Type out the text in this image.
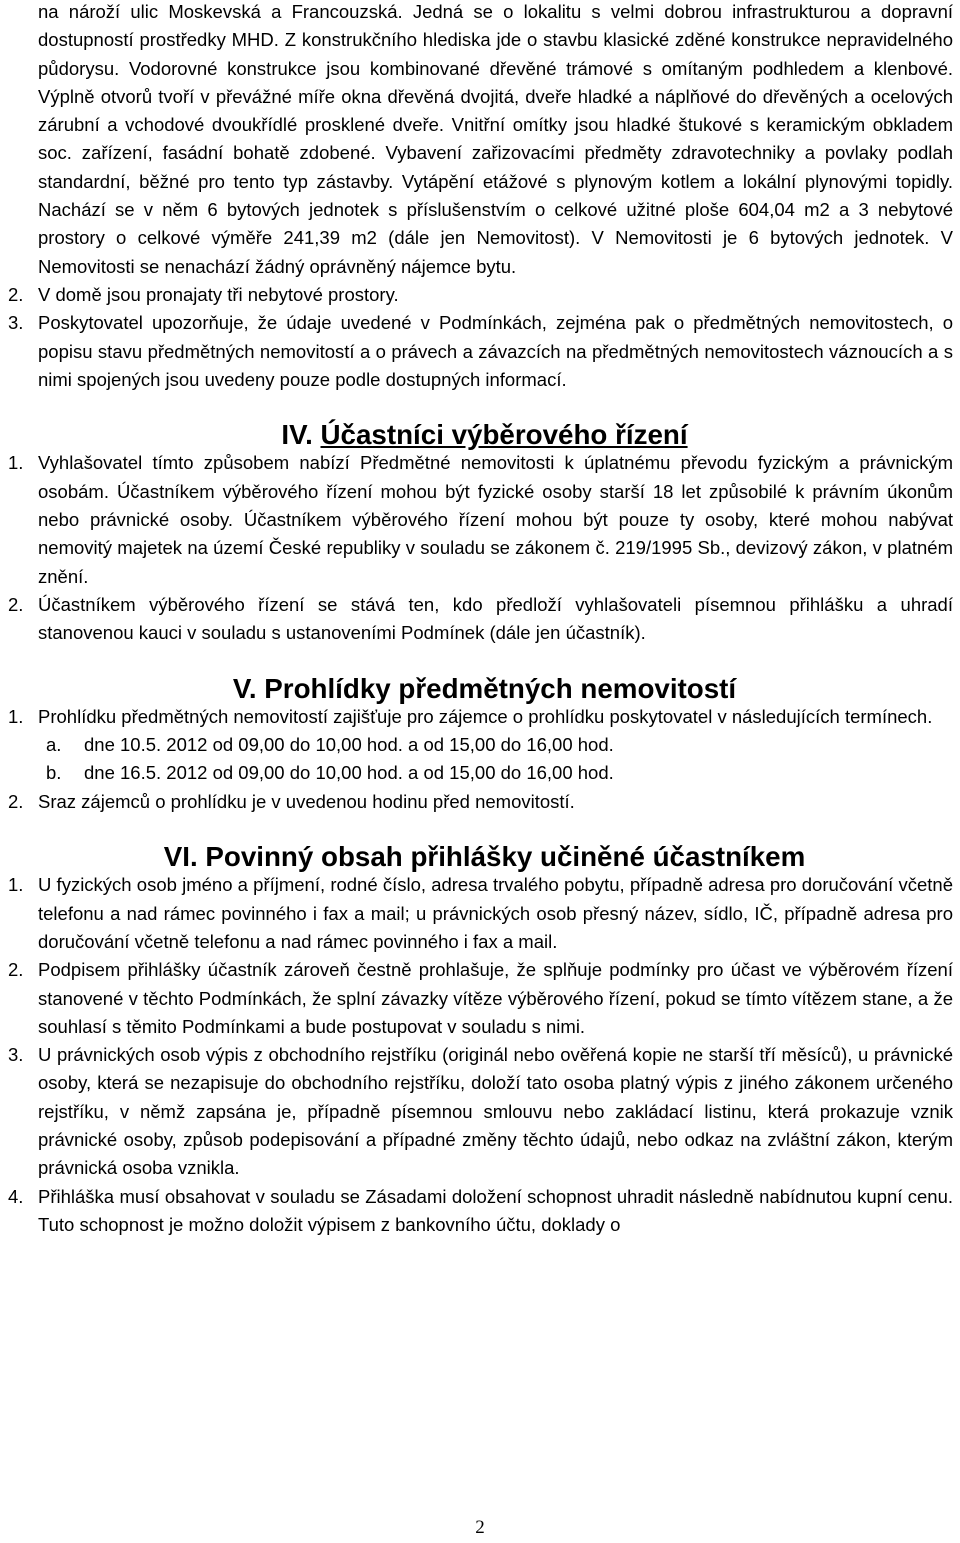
na nároží ulic Moskevská a Francouzská. Jedná se o lokalitu s velmi dobrou infrastrukturou a dopravní dostupností prostředky MHD. Z konstrukčního hlediska jde o stavbu klasické zděné konstrukce nepravidelného půdorysu. Vodorovné konstrukce jsou kombinované dřevěné trámové s omítaným podhledem a klenbové. Výplně otvorů tvoří v převážné míře okna dřevěná dvojitá, dveře hladké a náplňové do dřevěných a ocelových zárubní a vchodové dvoukřídlé prosklené dveře. Vnitřní omítky jsou hladké štukové s keramickým obkladem soc. zařízení, fasádní bohatě zdobené. Vybavení zařizovacími předměty zdravotechniky a povlaky podlah standardní, běžné pro tento typ zástavby. Vytápění etážové s plynovým kotlem a lokální plynovými topidly. Nachází se v něm 6 bytových jednotek s příslušenstvím o celkové užitné ploše 604,04 m2 a 3 nebytové prostory o celkové výměře 241,39 m2 (dále jen Nemovitost). V Nemovitosti je 6 bytových jednotek. V Nemovitosti se nenachází žádný oprávněný nájemce bytu.

2. V domě jsou pronajaty tři nebytové prostory.
3. Poskytovatel upozorňuje, že údaje uvedené v Podmínkách, zejména pak o předmětných nemovitostech, o popisu stavu předmětných nemovitostí a o právech a závazcích na předmětných nemovitostech váznoucích a s nimi spojených jsou uvedeny pouze podle dostupných informací.
IV. Účastníci výběrového řízení
1. Vyhlašovatel tímto způsobem nabízí Předmětné nemovitosti k úplatnému převodu fyzickým a právnickým osobám. Účastníkem výběrového řízení mohou být fyzické osoby starší 18 let způsobilé k právním úkonům nebo právnické osoby. Účastníkem výběrového řízení mohou být pouze ty osoby, které mohou nabývat nemovitý majetek na území České republiky v souladu se zákonem č. 219/1995 Sb., devizový zákon, v platném znění.
2. Účastníkem výběrového řízení se stává ten, kdo předloží vyhlašovateli písemnou přihlášku a uhradí stanovenou kauci v souladu s ustanoveními Podmínek (dále jen účastník).
V. Prohlídky předmětných nemovitostí
1. Prohlídku předmětných nemovitostí zajišťuje pro zájemce o prohlídku poskytovatel v následujících termínech.
a. dne 10.5. 2012 od 09,00 do 10,00 hod. a od 15,00 do 16,00 hod.
b. dne 16.5. 2012 od 09,00 do 10,00 hod. a od 15,00 do 16,00 hod.
2. Sraz zájemců o prohlídku je v uvedenou hodinu před nemovitostí.
VI. Povinný obsah přihlášky učiněné účastníkem
1. U fyzických osob jméno a příjmení, rodné číslo, adresa trvalého pobytu, případně adresa pro doručování včetně telefonu a nad rámec povinného i fax a mail; u právnických osob přesný název, sídlo, IČ, případně adresa pro doručování včetně telefonu a nad rámec povinného i fax a mail.
2. Podpisem přihlášky účastník zároveň čestně prohlašuje, že splňuje podmínky pro účast ve výběrovém řízení stanovené v těchto Podmínkách, že splní závazky vítěze výběrového řízení, pokud se tímto vítězem stane, a že souhlasí s těmito Podmínkami a bude postupovat v souladu s nimi.
3. U právnických osob výpis z obchodního rejstříku (originál nebo ověřená kopie ne starší tří měsíců), u právnické osoby, která se nezapisuje do obchodního rejstříku, doloží tato osoba platný výpis z jiného zákonem určeného rejstříku, v němž zapsána je, případně písemnou smlouvu nebo zakládací listinu, která prokazuje vznik právnické osoby, způsob podepisování a případné změny těchto údajů, nebo odkaz na zvláštní zákon, kterým právnická osoba vznikla.
4. Přihláška musí obsahovat v souladu se Zásadami doložení schopnost uhradit následně nabídnutou kupní cenu. Tuto schopnost je možno doložit výpisem z bankovního účtu, doklady o
2
